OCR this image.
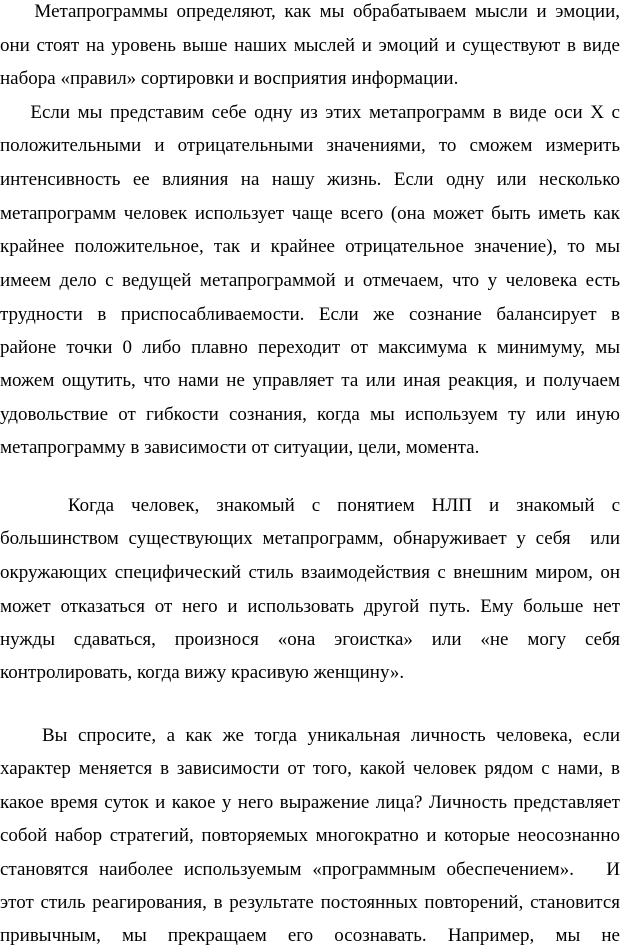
Метапрограммы определяют, как мы обрабатываем мысли и эмоции,
они стоят на уровень выше наших мыслей и эмоций и существуют в виде
набора «правил» сортировки и восприятия информации.
Если мы представим себе одну из этих метапрограмм в виде оси X с
положительными и отрицательными значениями, то сможем измерить
интенсивность ее влияния на нашу жизнь. Если одну или несколько
метапрограмм человек использует чаще всего (она может быть иметь как
крайнее положительное, так и крайнее отрицательное значение), то мы
имеем дело с ведущей метапрограммой и отмечаем, что у человека есть
трудности в приспосабливаемости. Если же сознание балансирует в
районе точки 0 либо плавно переходит от максимума к минимуму, мы
можем ощутить, что нами не управляет та или иная реакция, и получаем
удовольствие от гибкости сознания, когда мы используем ту или иную
метапрограмму в зависимости от ситуации, цели, момента.
Когда человек, знакомый с понятием НЛП и знакомый с
большинством существующих метапрограмм, обнаруживает у себя  или
окружающих специфический стиль взаимодействия с внешним миром, он
может отказаться от него и использовать другой путь. Ему больше нет
нужды сдаваться, произнося «она эгоистка» или «не могу себя
контролировать, когда вижу красивую женщину».
Вы спросите, а как же тогда уникальная личность человека, если
характер меняется в зависимости от того, какой человек рядом с нами, в
какое время суток и какое у него выражение лица? Личность представляет
собой набор стратегий, повторяемых многократно и которые неосознанно
становятся наиболее используемым «программным обеспечением».   И
этот стиль реагирования, в результате постоянных повторений, становится
привычным, мы прекращаем его осознавать. Например, мы не
